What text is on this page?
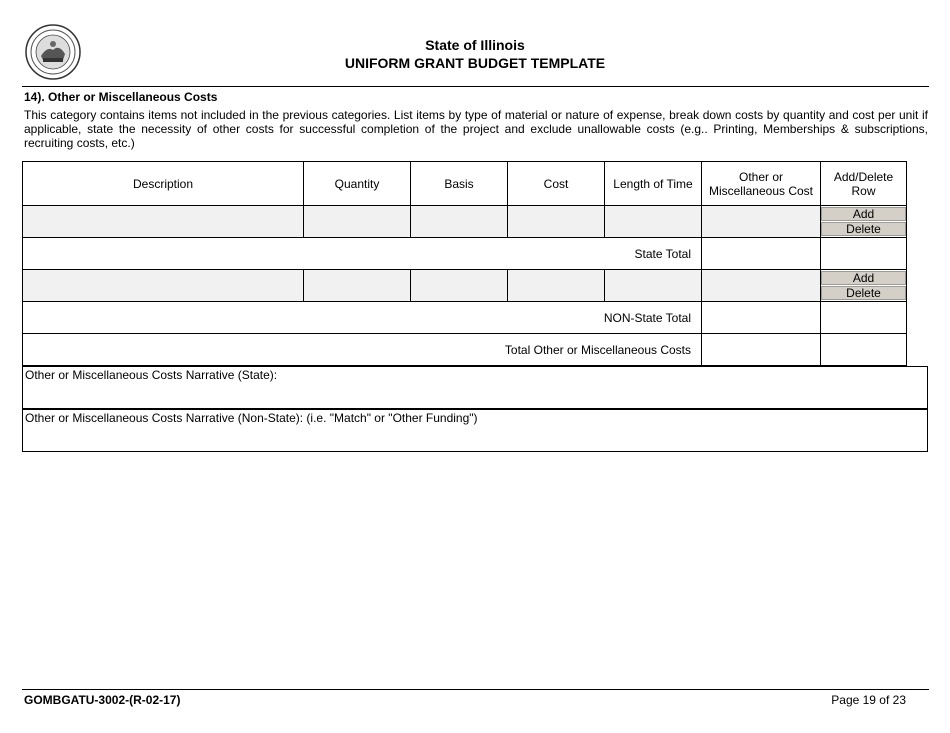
State of Illinois
UNIFORM GRANT BUDGET TEMPLATE
14). Other or Miscellaneous Costs
This category contains items not included in the previous categories. List items by type of material or nature of expense, break down costs by quantity and cost per unit if applicable, state the necessity of other costs for successful completion of the project and exclude unallowable costs (e.g.. Printing, Memberships & subscriptions, recruiting costs, etc.)
Description	Quantity	Basis	Cost	Length of Time	Other or Miscellaneous Cost	Add/Delete Row

						Add
Delete

State Total						

						Add
Delete

NON-State Total						
Total Other or Miscellaneous Costs						
Other or Miscellaneous Costs Narrative (State):
Other or Miscellaneous Costs Narrative (Non-State): (i.e. "Match" or "Other Funding")
GOMBGATU-3002-(R-02-17)	Page 19 of 23
